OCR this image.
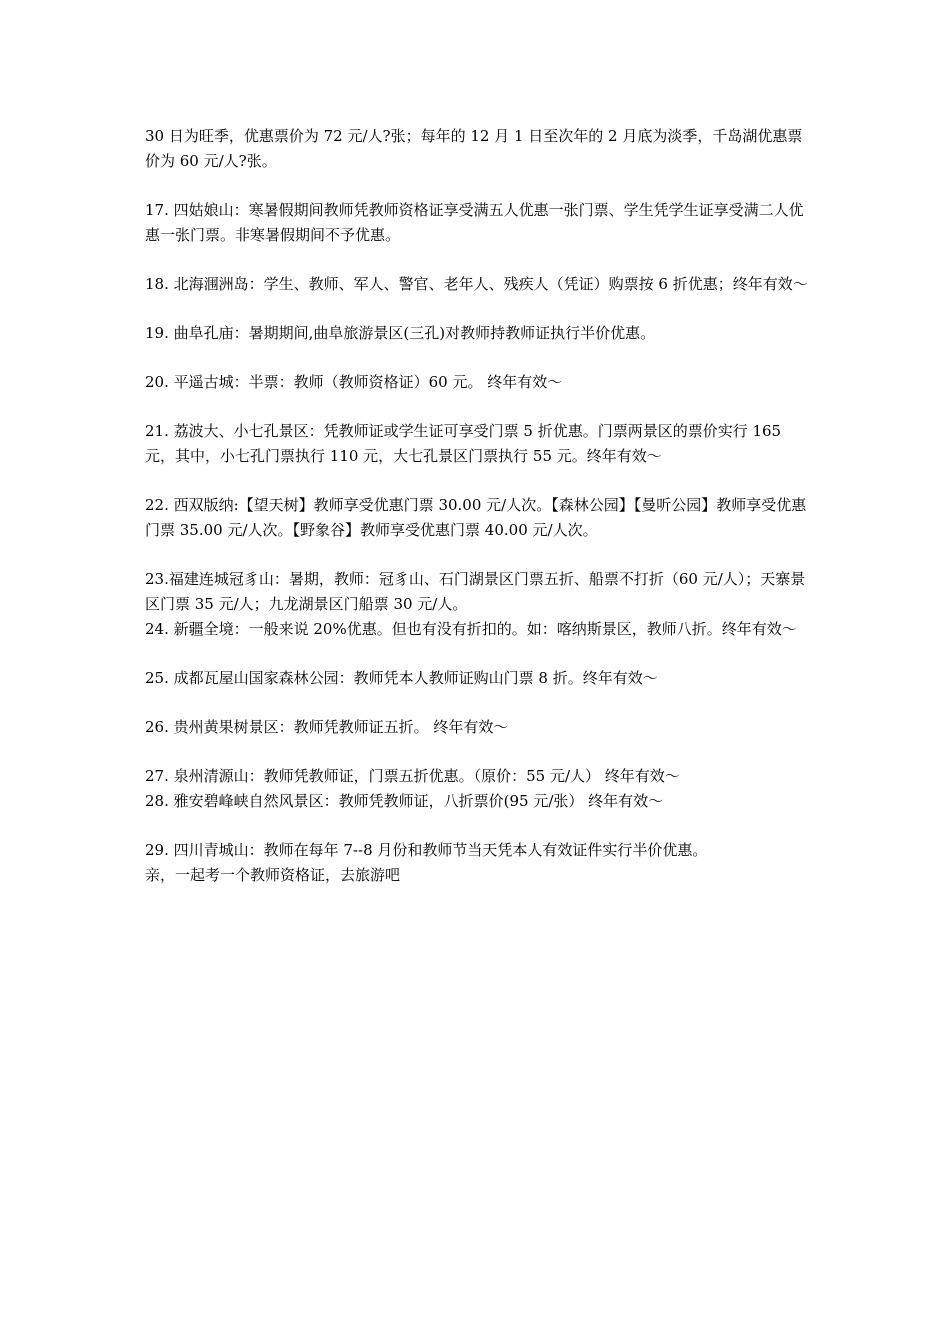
30 日为旺季，优惠票价为 72 元/人?张；每年的 12 月 1 日至次年的 2 月底为淡季，千岛湖优惠票价为 60 元/人?张。

17. 四姑娘山：寒暑假期间教师凭教师资格证享受满五人优惠一张门票、学生凭学生证享受满二人优惠一张门票。非寒暑假期间不予优惠。

18. 北海涠洲岛：学生、教师、军人、警官、老年人、残疾人（凭证）购票按 6 折优惠；终年有效～

19. 曲阜孔庙：暑期期间,曲阜旅游景区(三孔)对教师持教师证执行半价优惠。

20. 平遥古城：半票：教师（教师资格证）60 元。 终年有效～

21. 荔波大、小七孔景区：凭教师证或学生证可享受门票 5 折优惠。门票两景区的票价实行 165 元，其中，小七孔门票执行 110 元，大七孔景区门票执行 55 元。终年有效～

22. 西双版纳:【望天树】教师享受优惠门票 30.00 元/人次。【森林公园】【曼听公园】教师享受优惠门票 35.00 元/人次。【野象谷】教师享受优惠门票 40.00 元/人次。

23.福建连城冠豸山：暑期，教师：冠豸山、石门湖景区门票五折、船票不打折（60 元/人）；天寨景区门票 35 元/人；九龙湖景区门船票 30 元/人。

24. 新疆全境：一般来说 20%优惠。但也有没有折扣的。如：喀纳斯景区，教师八折。终年有效～

25. 成都瓦屋山国家森林公园：教师凭本人教师证购山门票 8 折。终年有效～

26. 贵州黄果树景区：教师凭教师证五折。 终年有效～

27. 泉州清源山：教师凭教师证，门票五折优惠。（原价：55 元/人） 终年有效～

28. 雅安碧峰峡自然风景区：教师凭教师证，八折票价(95 元/张） 终年有效～

29. 四川青城山：教师在每年 7--8 月份和教师节当天凭本人有效证件实行半价优惠。

亲，一起考一个教师资格证，去旅游吧
